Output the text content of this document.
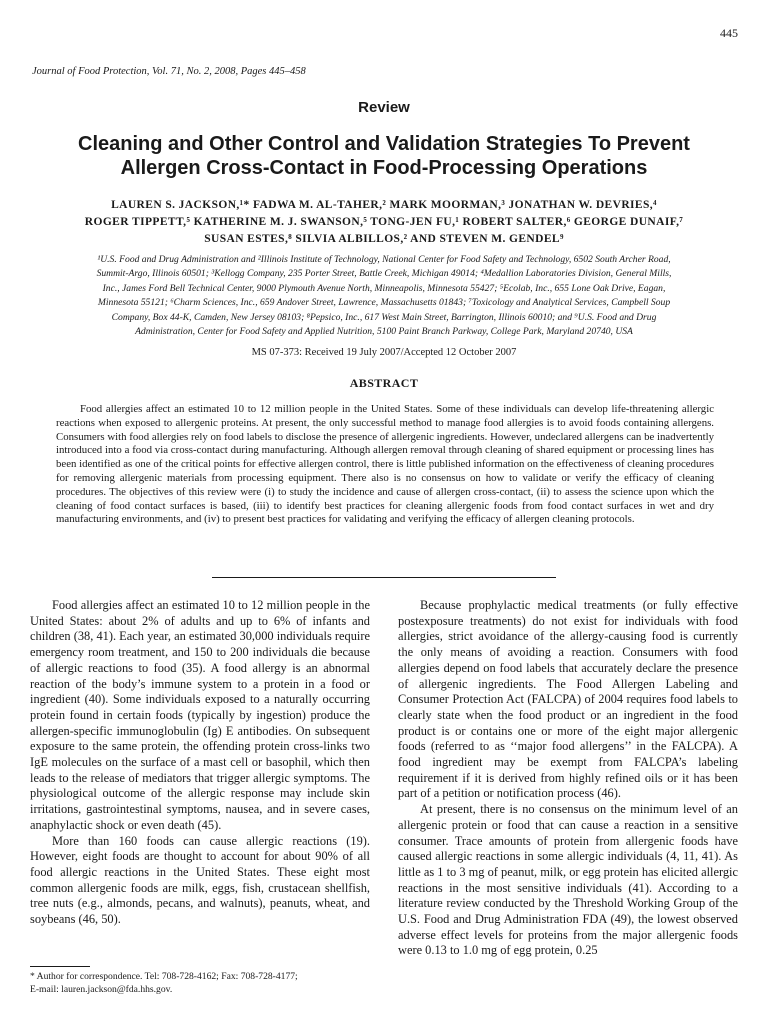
445
Journal of Food Protection, Vol. 71, No. 2, 2008, Pages 445–458
Review
Cleaning and Other Control and Validation Strategies To Prevent
Allergen Cross-Contact in Food-Processing Operations
LAUREN S. JACKSON,¹* FADWA M. AL-TAHER,² MARK MOORMAN,³ JONATHAN W. DEVRIES,⁴
ROGER TIPPETT,⁵ KATHERINE M. J. SWANSON,⁵ TONG-JEN FU,¹ ROBERT SALTER,⁶ GEORGE DUNAIF,⁷
SUSAN ESTES,⁸ SILVIA ALBILLOS,² AND STEVEN M. GENDEL⁹
¹U.S. Food and Drug Administration and ²Illinois Institute of Technology, National Center for Food Safety and Technology, 6502 South Archer Road,
Summit-Argo, Illinois 60501; ³Kellogg Company, 235 Porter Street, Battle Creek, Michigan 49014; ⁴Medallion Laboratories Division, General Mills,
Inc., James Ford Bell Technical Center, 9000 Plymouth Avenue North, Minneapolis, Minnesota 55427; ⁵Ecolab, Inc., 655 Lone Oak Drive, Eagan,
Minnesota 55121; ⁶Charm Sciences, Inc., 659 Andover Street, Lawrence, Massachusetts 01843; ⁷Toxicology and Analytical Services, Campbell Soup
Company, Box 44-K, Camden, New Jersey 08103; ⁸Pepsico, Inc., 617 West Main Street, Barrington, Illinois 60010; and ⁹U.S. Food and Drug
Administration, Center for Food Safety and Applied Nutrition, 5100 Paint Branch Parkway, College Park, Maryland 20740, USA
MS 07-373: Received 19 July 2007/Accepted 12 October 2007
ABSTRACT

Food allergies affect an estimated 10 to 12 million people in the United States. Some of these individuals can develop life-threatening allergic reactions when exposed to allergenic proteins. At present, the only successful method to manage food allergies is to avoid foods containing allergens. Consumers with food allergies rely on food labels to disclose the presence of allergenic ingredients. However, undeclared allergens can be inadvertently introduced into a food via cross-contact during manufacturing. Although allergen removal through cleaning of shared equipment or processing lines has been identified as one of the critical points for effective allergen control, there is little published information on the effectiveness of cleaning procedures for removing allergenic materials from processing equipment. There also is no consensus on how to validate or verify the efficacy of cleaning procedures. The objectives of this review were (i) to study the incidence and cause of allergen cross-contact, (ii) to assess the science upon which the cleaning of food contact surfaces is based, (iii) to identify best practices for cleaning allergenic foods from food contact surfaces in wet and dry manufacturing environments, and (iv) to present best practices for validating and verifying the efficacy of allergen cleaning protocols.

Food allergies affect an estimated 10 to 12 million people in the United States: about 2% of adults and up to 6% of infants and children (38, 41). Each year, an estimated 30,000 individuals require emergency room treatment, and 150 to 200 individuals die because of allergic reactions to food (35). A food allergy is an abnormal reaction of the body’s immune system to a protein in a food or ingredient (40). Some individuals exposed to a naturally occurring protein found in certain foods (typically by ingestion) produce the allergen-specific immunoglobulin (Ig) E antibodies. On subsequent exposure to the same protein, the offending protein cross-links two IgE molecules on the surface of a mast cell or basophil, which then leads to the release of mediators that trigger allergic symptoms. The physiological outcome of the allergic response may include skin irritations, gastrointestinal symptoms, nausea, and in severe cases, anaphylactic shock or even death (45).

More than 160 foods can cause allergic reactions (19). However, eight foods are thought to account for about 90% of all food allergic reactions in the United States. These eight most common allergenic foods are milk, eggs, fish, crustacean shellfish, tree nuts (e.g., almonds, pecans, and walnuts), peanuts, wheat, and soybeans (46, 50).

Because prophylactic medical treatments (or fully effective postexposure treatments) do not exist for individuals with food allergies, strict avoidance of the allergy-causing food is currently the only means of avoiding a reaction. Consumers with food allergies depend on food labels that accurately declare the presence of allergenic ingredients. The Food Allergen Labeling and Consumer Protection Act (FALCPA) of 2004 requires food labels to clearly state when the food product or an ingredient in the food product is or contains one or more of the eight major allergenic foods (referred to as ‘‘major food allergens’’ in the FALCPA). A food ingredient may be exempt from FALCPA’s labeling requirement if it is derived from highly refined oils or it has been part of a petition or notification process (46).

At present, there is no consensus on the minimum level of an allergenic protein or food that can cause a reaction in a sensitive consumer. Trace amounts of protein from allergenic foods have caused allergic reactions in some allergic individuals (4, 11, 41). As little as 1 to 3 mg of peanut, milk, or egg protein has elicited allergic reactions in the most sensitive individuals (41). According to a literature review conducted by the Threshold Working Group of the U.S. Food and Drug Administration FDA (49), the lowest observed adverse effect levels for proteins from the major allergenic foods were 0.13 to 1.0 mg of egg protein, 0.25

* Author for correspondence. Tel: 708-728-4162; Fax: 708-728-4177;

E-mail: lauren.jackson@fda.hhs.gov.
